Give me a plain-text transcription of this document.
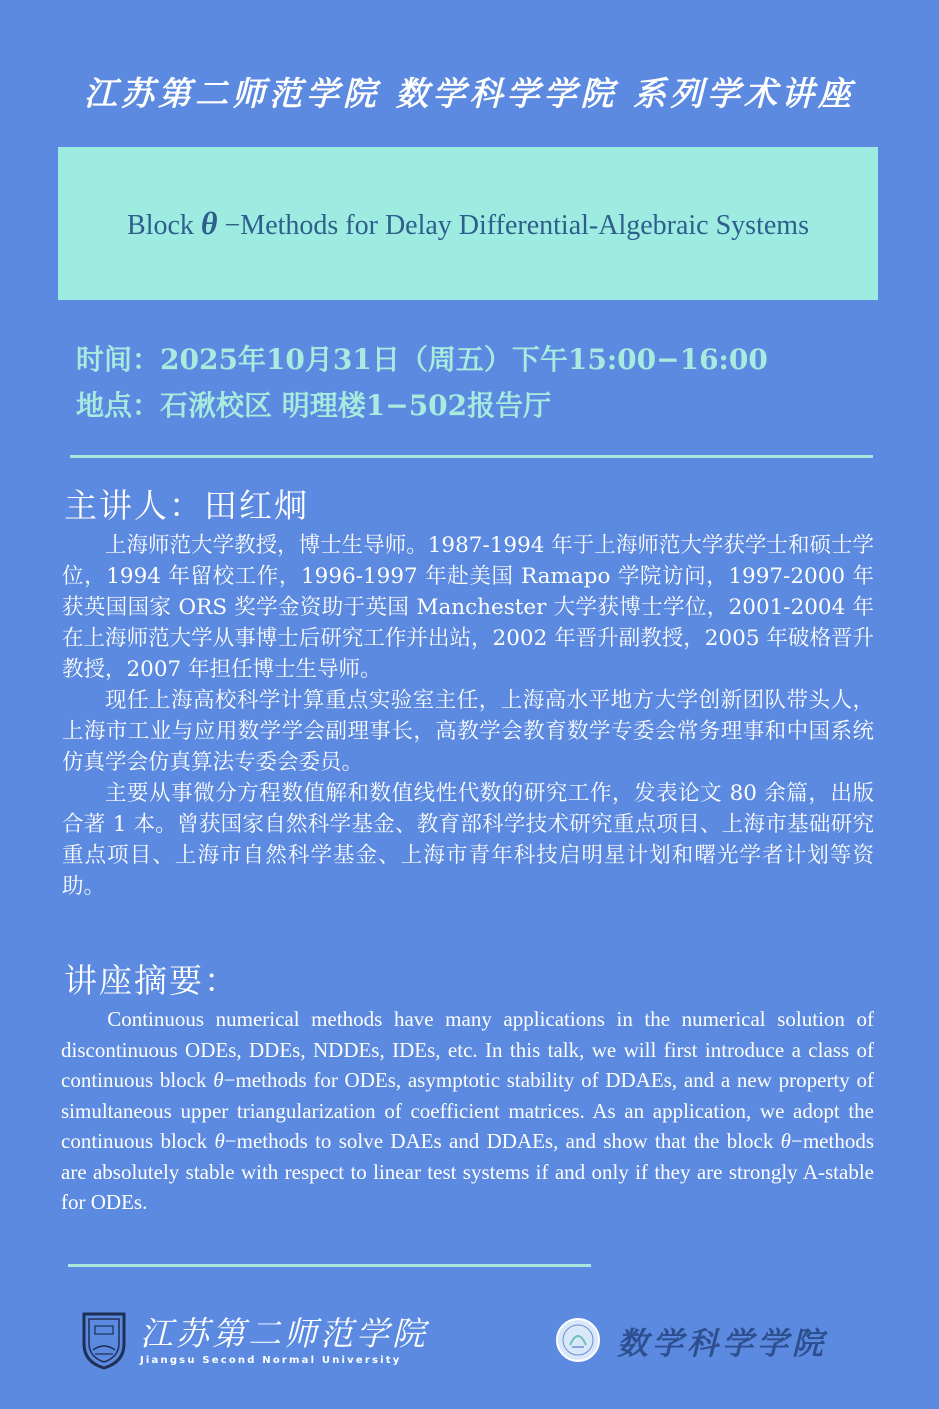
江苏第二师范学院 数学科学学院 系列学术讲座
Block θ −Methods for Delay Differential-Algebraic Systems
时间：2025年10月31日（周五）下午15:00−16:00
地点：石湫校区 明理楼1−502报告厅
主讲人：田红炯

上海师范大学教授，博士生导师。1987-1994 年于上海师范大学获学士和硕士学位，1994 年留校工作，1996-1997 年赴美国 Ramapo 学院访问，1997-2000 年获英国国家 ORS 奖学金资助于英国 Manchester 大学获博士学位，2001-2004 年在上海师范大学从事博士后研究工作并出站，2002 年晋升副教授，2005 年破格晋升教授，2007 年担任博士生导师。

现任上海高校科学计算重点实验室主任，上海高水平地方大学创新团队带头人，上海市工业与应用数学学会副理事长，高教学会教育数学专委会常务理事和中国系统仿真学会仿真算法专委会委员。

主要从事微分方程数值解和数值线性代数的研究工作，发表论文 80 余篇，出版合著 1 本。曾获国家自然科学基金、教育部科学技术研究重点项目、上海市基础研究重点项目、上海市自然科学基金、上海市青年科技启明星计划和曙光学者计划等资助。

讲座摘要：

Continuous numerical methods have many applications in the numerical solution of discontinuous ODEs, DDEs, NDDEs, IDEs, etc. In this talk, we will first introduce a class of continuous block θ−methods for ODEs, asymptotic stability of DDAEs, and a new property of simultaneous upper triangularization of coefficient matrices. As an application, we adopt the continuous block θ−methods to solve DAEs and DDAEs, and show that the block θ−methods are absolutely stable with respect to linear test systems if and only if they are strongly A-stable for ODEs.

江苏第二师范学院
Jiangsu Second Normal University	数学科学学院
